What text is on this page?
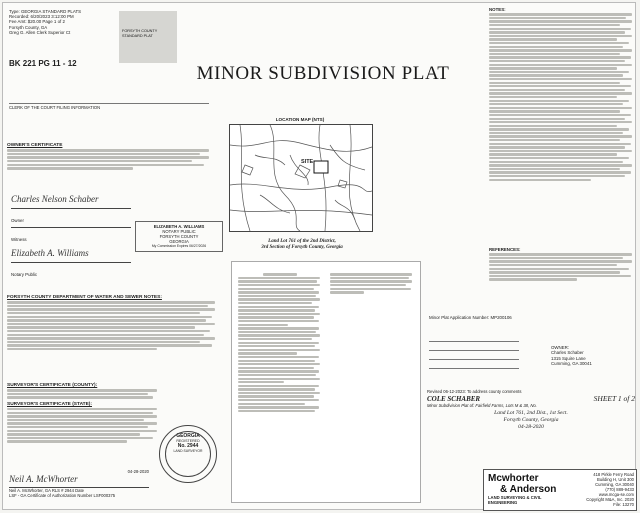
Type: GEORGIA STANDARD PLATS
Recorded: 6/20/2023 3:12:00 PM
Fee Amt: $20.00 Page 1 of 2
Forsyth County, GA
Greg G. Allen Clerk Superior Ct
BK 221 PG 11 - 12
FORSYTH COUNTY
STANDARD PLAT
CLERK OF THE COURT FILING INFORMATION
MINOR SUBDIVISION PLAT
OWNER'S CERTIFICATE
Charles Nelson Schaber
Owner
Witness
Elizabeth A. Williams
Notary Public
ELIZABETH A. WILLIAMS
NOTARY PUBLIC
FORSYTH COUNTY
GEORGIA
My Commission Expires 06/27/2026
FORSYTH COUNTY DEPARTMENT OF WATER AND SEWER NOTES:
SURVEYOR'S CERTIFICATE (COUNTY):
SURVEYOR'S CERTIFICATE (STATE):
Neil A. McWhorter
04-28-2020
Neil A. McWhorter, GA RLS # 2944 Date
LSF - GA Certificate of Authorization Number LSF000375
GEORGIA
REGISTERED
No. 2944
LAND SURVEYOR
LOCATION MAP (NTS)
SITE
Land Lot 761 of the 2nd District,
3rd Section of Forsyth County, Georgia
NOTES:
REFERENCES:
Minor Plat Application Number: MP200106
OWNER:
Charles Schaber
1315 Squire Lane
Cumming, GA 30041
Revised 06-12-2023: To address county comments
COLE SCHABER	SHEET 1 of 2
Minor Subdivision Plat of: Fairfield Farms, Lots M & 38, No.
Land Lot 761, 2nd Dist., 1st Sect.
Forsyth County, Georgia
04-28-2020
Mcwhorter
& Anderson
LAND SURVEYING & CIVIL ENGINEERING
418 Pirkle Ferry Road
Building H, Unit 300
Cumming, GA 30040
(770) 889-9433
www.mcga-se.com
Copyright M&A, Inc. 2020
File: 13270
